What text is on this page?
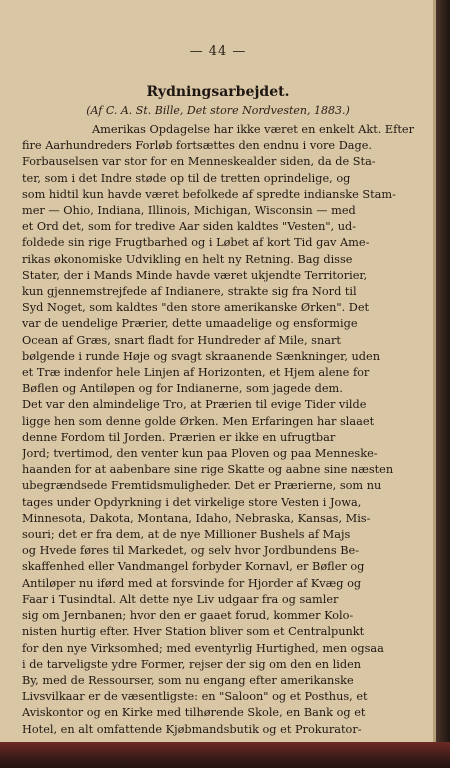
— 44 —
Rydningsarbejdet.
(Af C. A. St. Bille, Det store Nordvesten, 1883.)
Amerikas Opdagelse har ikke været en enkelt Akt. Efter
fire Aarhundreders Forløb fortsættes den endnu i vore Dage.
Forbauselsen var stor for en Menneskealder siden, da de Sta-
ter, som i det Indre støde op til de tretten oprindelige, og
som hidtil kun havde været befolkede af spredte indianske Stam-
mer — Ohio, Indiana, Illinois, Michigan, Wisconsin — med
et Ord det, som for tredive Aar siden kaldtes "Vesten", ud-
foldede sin rige Frugtbarhed og i Løbet af kort Tid gav Ame-
rikas økonomiske Udvikling en helt ny Retning. Bag disse
Stater, der i Mands Minde havde været ukjendte Territorier,
kun gjennemstrejfede af Indianere, strakte sig fra Nord til
Syd Noget, som kaldtes "den store amerikanske Ørken". Det
var de uendelige Prærier, dette umaadelige og ensformige
Ocean af Græs, snart fladt for Hundreder af Mile, snart
bølgende i runde Høje og svagt skraanende Sænkninger, uden
et Træ indenfor hele Linjen af Horizonten, et Hjem alene for
Bøflen og Antiløpen og for Indianerne, som jagede dem.
Det var den almindelige Tro, at Prærien til evige Tider vilde
ligge hen som denne golde Ørken. Men Erfaringen har slaaet
denne Fordom til Jorden. Prærien er ikke en ufrugtbar
Jord; tvertimod, den venter kun paa Ploven og paa Menneske-
haanden for at aabenbare sine rige Skatte og aabne sine næsten
ubegrændsede Fremtidsmuligheder. Det er Prærierne, som nu
tages under Opdyrkning i det virkelige store Vesten i Jowa,
Minnesota, Dakota, Montana, Idaho, Nebraska, Kansas, Mis-
souri; det er fra dem, at de nye Millioner Bushels af Majs
og Hvede føres til Markedet, og selv hvor Jordbundens Be-
skaffenhed eller Vandmangel forbyder Kornavl, er Bøfler og
Antiløper nu iførd med at forsvinde for Hjorder af Kvæg og
Faar i Tusindtal. Alt dette nye Liv udgaar fra og samler
sig om Jernbanen; hvor den er gaaet forud, kommer Kolo-
nisten hurtig efter. Hver Station bliver som et Centralpunkt
for den nye Virksomhed; med eventyrlig Hurtighed, men ogsaa
i de tarveligste ydre Former, rejser der sig om den en liden
By, med de Ressourser, som nu engang efter amerikanske
Livsvilkaar er de væsentligste: en "Saloon" og et Posthus, et
Aviskontor og en Kirke med tilhørende Skole, en Bank og et
Hotel, en alt omfattende Kjøbmandsbutik og et Prokurator-
